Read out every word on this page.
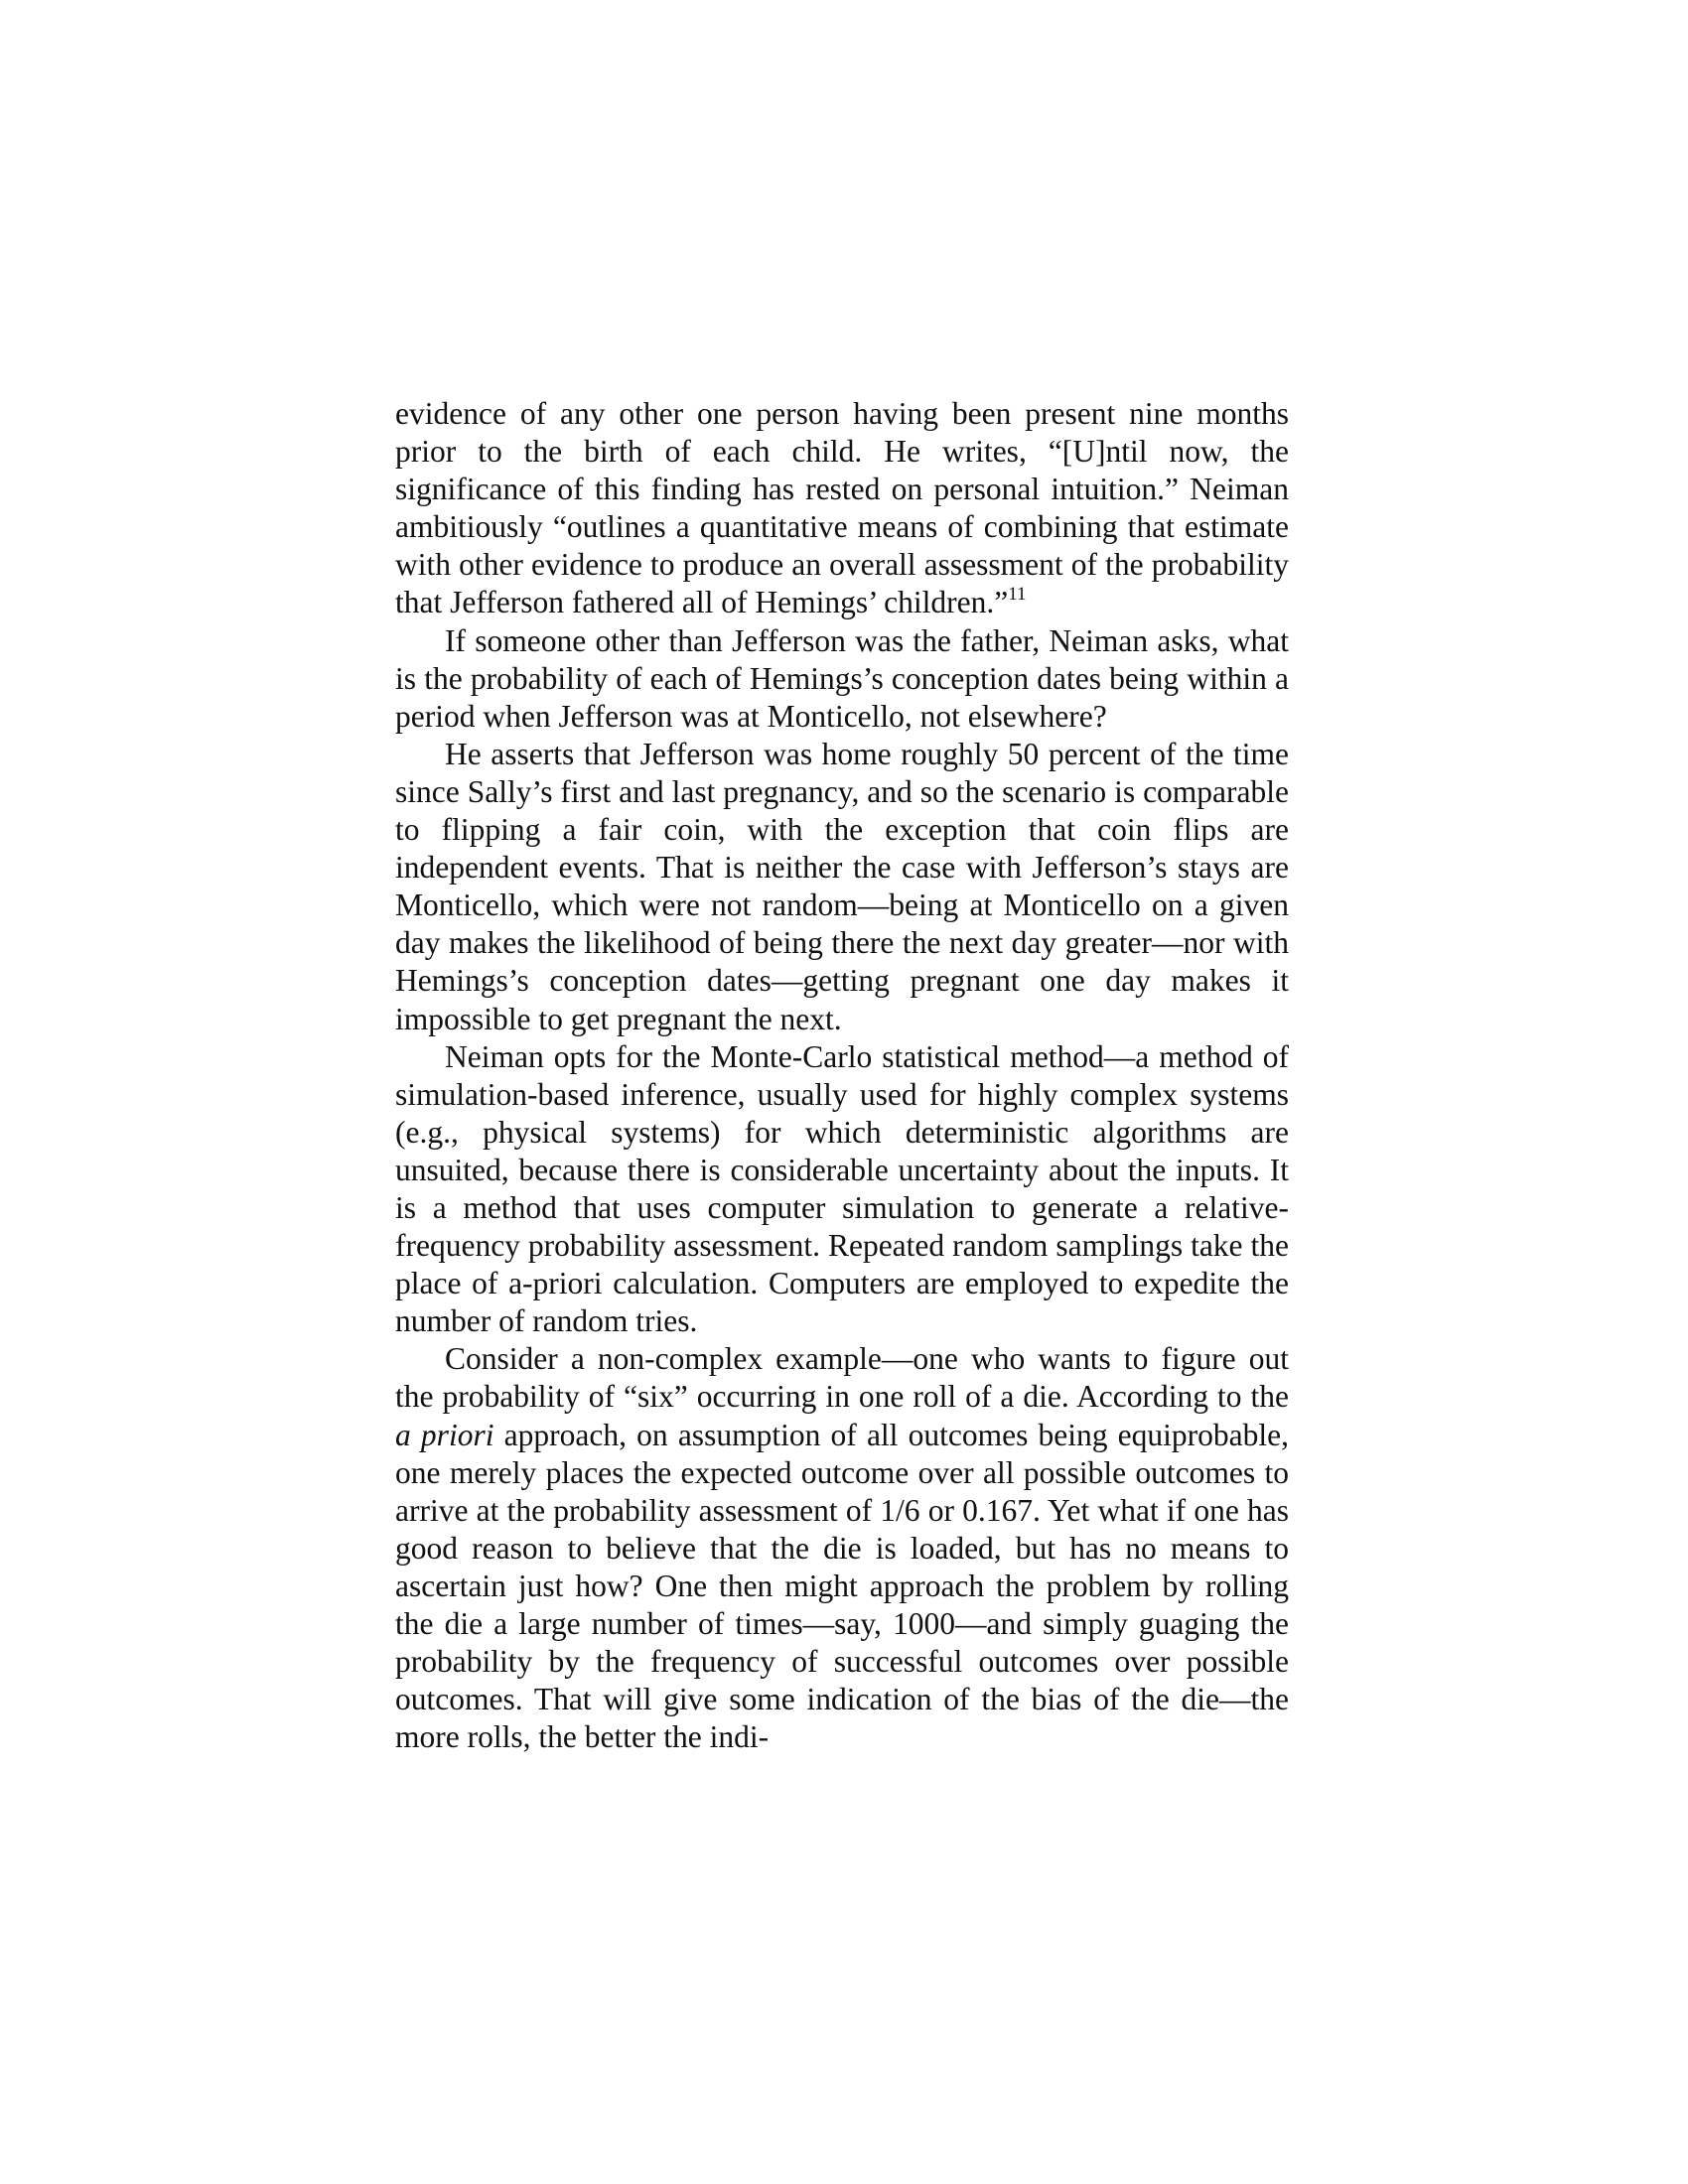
evidence of any other one person having been present nine months prior to the birth of each child. He writes, “[U]ntil now, the significance of this finding has rested on personal intuition.” Neiman ambitiously “outlines a quantitative means of combining that estimate with other evidence to produce an overall assessment of the probability that Jefferson fathered all of Hemings’ children.”$^{11}$

If someone other than Jefferson was the father, Neiman asks, what is the probability of each of Hemings’s conception dates being within a period when Jefferson was at Monticello, not elsewhere?

He asserts that Jefferson was home roughly 50 percent of the time since Sally’s first and last pregnancy, and so the scenario is comparable to flipping a fair coin, with the exception that coin flips are independent events. That is neither the case with Jefferson’s stays are Monticello, which were not random—being at Monticello on a given day makes the likelihood of being there the next day greater—nor with Hemings’s conception dates—getting pregnant one day makes it impossible to get pregnant the next.

Neiman opts for the Monte-Carlo statistical method—a method of simulation-based inference, usually used for highly complex systems (e.g., physical systems) for which deterministic algorithms are unsuited, because there is considerable uncertainty about the inputs. It is a method that uses computer simulation to generate a relative-frequency probability assessment. Repeated random samplings take the place of a-priori calculation. Computers are employed to expedite the number of random tries.

Consider a non-complex example—one who wants to figure out the probability of “six” occurring in one roll of a die. According to the a priori approach, on assumption of all outcomes being equiprobable, one merely places the expected outcome over all possible outcomes to arrive at the probability assessment of 1/6 or 0.167. Yet what if one has good reason to believe that the die is loaded, but has no means to ascertain just how? One then might approach the problem by rolling the die a large number of times—say, 1000—and simply guaging the probability by the frequency of successful outcomes over possible outcomes. That will give some indication of the bias of the die—the more rolls, the better the indi-
